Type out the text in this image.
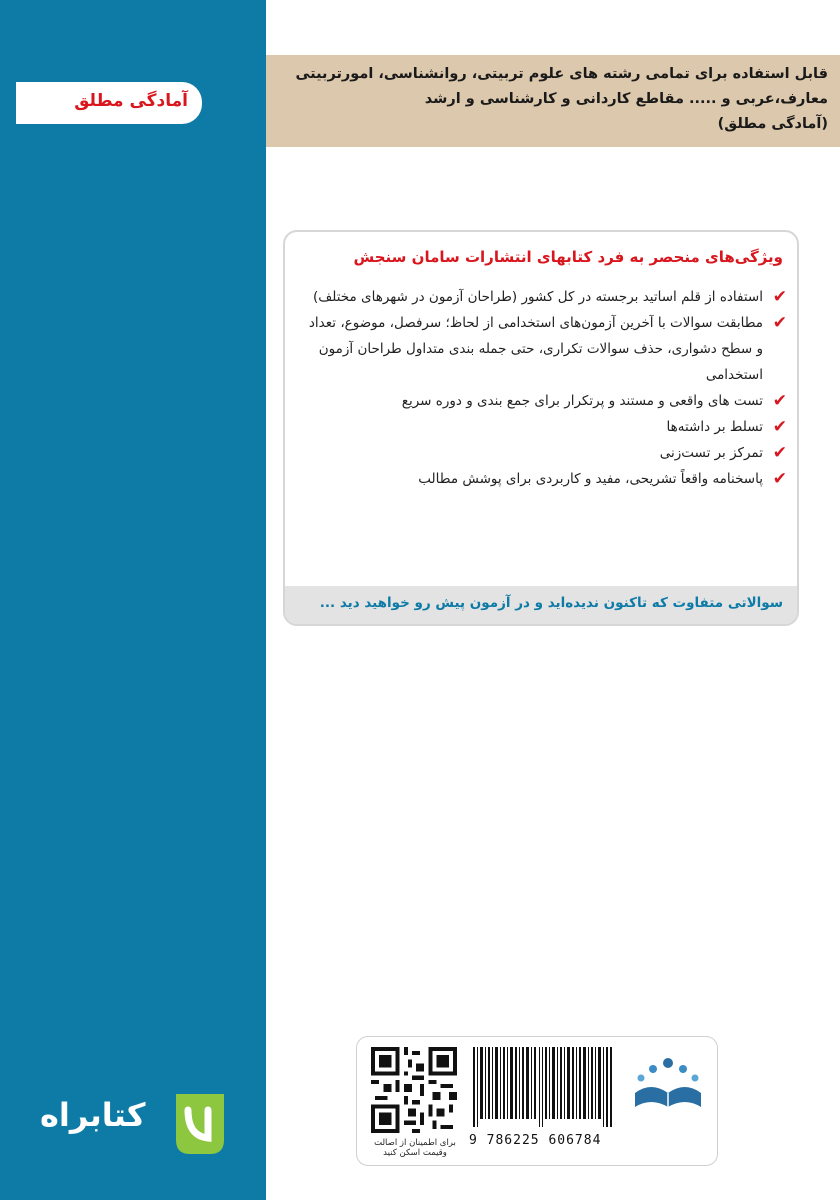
آمادگی مطلق
کتابراه
قابل استفاده برای تمامی رشته های علوم تربیتی، روانشناسی، امورتربیتی
معارف،عربی و ..... مقاطع کاردانی و کارشناسی و ارشد
(آمادگی مطلق)
ویژگی‌های منحصر به فرد کتابهای انتشارات سامان سنجش
✔
استفاده از قلم اساتید برجسته در کل کشور (طراحان آزمون در شهرهای مختلف)
✔
مطابقت سوالات با آخرین آزمون‌های استخدامی از لحاظ؛ سرفصل، موضوع، تعداد و سطح دشواری، حذف سوالات تکراری، حتی جمله بندی متداول طراحان آزمون استخدامی
✔
تست های واقعی و مستند و پرتکرار برای جمع بندی و دوره سریع
✔
تسلط بر داشته‌ها
✔
تمرکز بر تست‌زنی
✔
پاسخنامه واقعاً تشریحی، مفید و کاربردی برای پوشش مطالب
سوالاتی متفاوت که تاکنون ندیده‌اید و در آزمون پیش رو خواهید دید ...
برای اطمینان از اصالت
وقیمت اسکن کنید
9 786225 606784
